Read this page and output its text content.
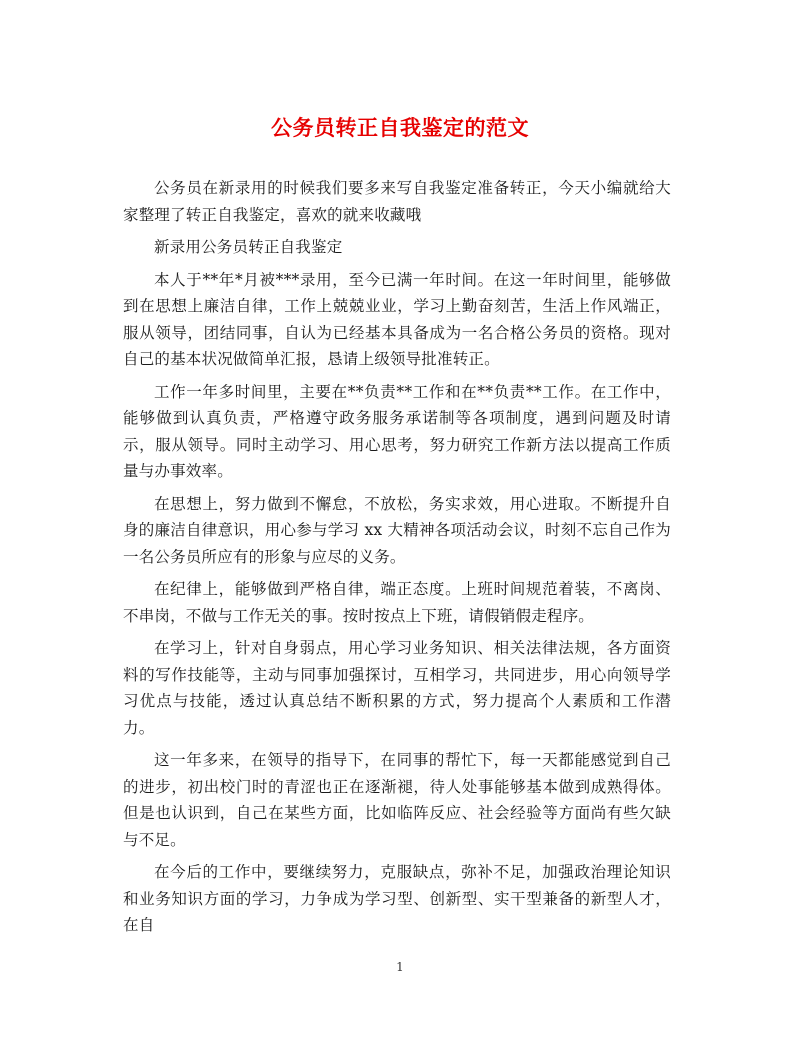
公务员转正自我鉴定的范文

公务员在新录用的时候我们要多来写自我鉴定准备转正，今天小编就给大家整理了转正自我鉴定，喜欢的就来收藏哦

新录用公务员转正自我鉴定

本人于**年*月被***录用，至今已满一年时间。在这一年时间里，能够做到在思想上廉洁自律，工作上兢兢业业，学习上勤奋刻苦，生活上作风端正，服从领导，团结同事，自认为已经基本具备成为一名合格公务员的资格。现对自己的基本状况做简单汇报，恳请上级领导批准转正。

工作一年多时间里，主要在**负责**工作和在**负责**工作。在工作中，能够做到认真负责，严格遵守政务服务承诺制等各项制度，遇到问题及时请示，服从领导。同时主动学习、用心思考，努力研究工作新方法以提高工作质量与办事效率。

在思想上，努力做到不懈怠，不放松，务实求效，用心进取。不断提升自身的廉洁自律意识，用心参与学习 xx 大精神各项活动会议，时刻不忘自己作为一名公务员所应有的形象与应尽的义务。

在纪律上，能够做到严格自律，端正态度。上班时间规范着装，不离岗、不串岗，不做与工作无关的事。按时按点上下班，请假销假走程序。

在学习上，针对自身弱点，用心学习业务知识、相关法律法规，各方面资料的写作技能等，主动与同事加强探讨，互相学习，共同进步，用心向领导学习优点与技能，透过认真总结不断积累的方式，努力提高个人素质和工作潜力。

这一年多来，在领导的指导下，在同事的帮忙下，每一天都能感觉到自己的进步，初出校门时的青涩也正在逐渐褪，待人处事能够基本做到成熟得体。但是也认识到，自己在某些方面，比如临阵反应、社会经验等方面尚有些欠缺与不足。

在今后的工作中，要继续努力，克服缺点，弥补不足，加强政治理论知识和业务知识方面的学习，力争成为学习型、创新型、实干型兼备的新型人才，在自

1
